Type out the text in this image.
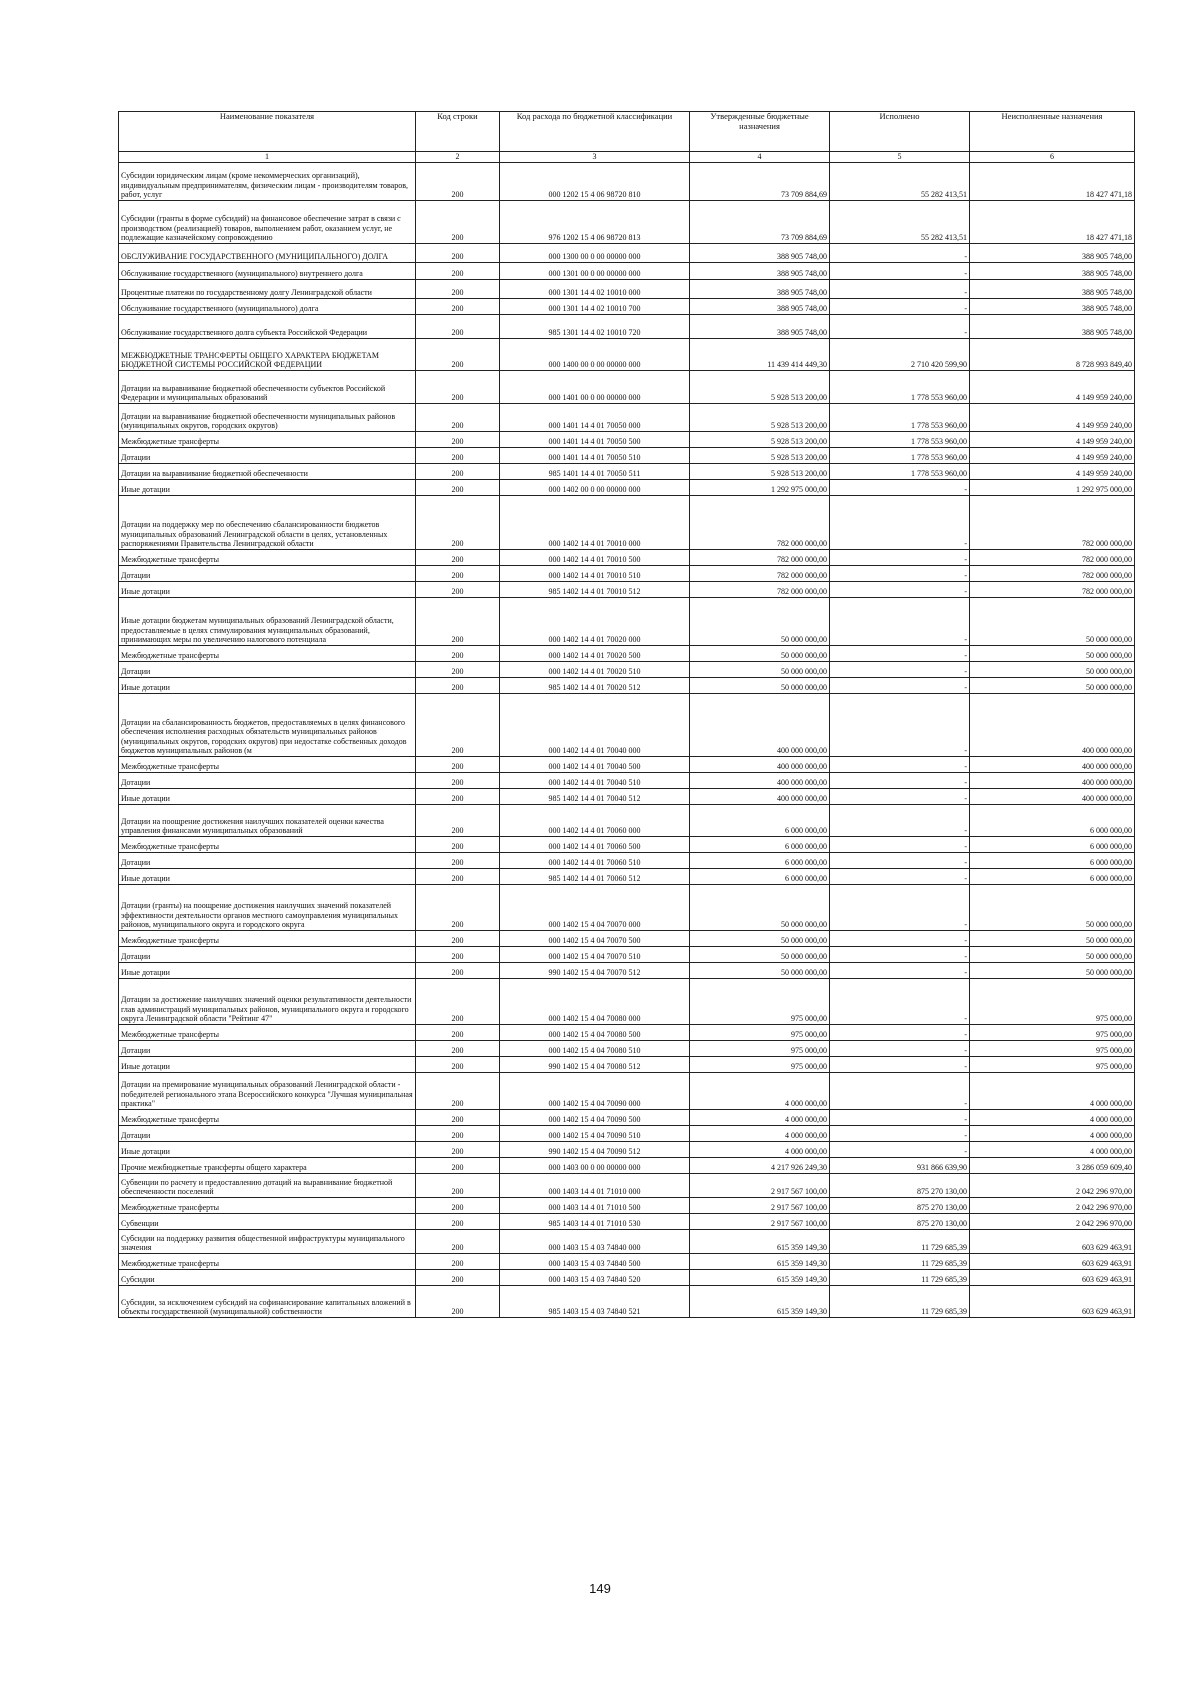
Наименование показателя	Код строки	Код расхода по бюджетной классификации	Утвержденные бюджетные назначения	Исполнено	Неисполненные назначения
1	2	3	4	5	6
Субсидии юридическим лицам (кроме некоммерческих организаций), индивидуальным предпринимателям, физическим лицам - производителям товаров, работ, услуг	200	000 1202 15 4 06 98720 810	73 709 884,69	55 282 413,51	18 427 471,18
Субсидии (гранты в форме субсидий) на финансовое обеспечение затрат в связи с производством (реализацией) товаров, выполнением работ, оказанием услуг, не подлежащие казначейскому сопровождению	200	976 1202 15 4 06 98720 813	73 709 884,69	55 282 413,51	18 427 471,18
ОБСЛУЖИВАНИЕ ГОСУДАРСТВЕННОГО (МУНИЦИПАЛЬНОГО) ДОЛГА	200	000 1300 00 0 00 00000 000	388 905 748,00	-	388 905 748,00
Обслуживание государственного (муниципального) внутреннего долга	200	000 1301 00 0 00 00000 000	388 905 748,00	-	388 905 748,00
Процентные платежи по государственному долгу Ленинградской области	200	000 1301 14 4 02 10010 000	388 905 748,00	-	388 905 748,00
Обслуживание государственного (муниципального) долга	200	000 1301 14 4 02 10010 700	388 905 748,00	-	388 905 748,00
Обслуживание государственного долга субъекта Российской Федерации	200	985 1301 14 4 02 10010 720	388 905 748,00	-	388 905 748,00
МЕЖБЮДЖЕТНЫЕ ТРАНСФЕРТЫ ОБЩЕГО ХАРАКТЕРА БЮДЖЕТАМ БЮДЖЕТНОЙ СИСТЕМЫ РОССИЙСКОЙ ФЕДЕРАЦИИ	200	000 1400 00 0 00 00000 000	11 439 414 449,30	2 710 420 599,90	8 728 993 849,40
Дотации на выравнивание бюджетной обеспеченности субъектов Российской Федерации и муниципальных образований	200	000 1401 00 0 00 00000 000	5 928 513 200,00	1 778 553 960,00	4 149 959 240,00
Дотации на выравнивание бюджетной обеспеченности муниципальных районов (муниципальных округов, городских округов)	200	000 1401 14 4 01 70050 000	5 928 513 200,00	1 778 553 960,00	4 149 959 240,00
Межбюджетные трансферты	200	000 1401 14 4 01 70050 500	5 928 513 200,00	1 778 553 960,00	4 149 959 240,00
Дотации	200	000 1401 14 4 01 70050 510	5 928 513 200,00	1 778 553 960,00	4 149 959 240,00
Дотации на выравнивание бюджетной обеспеченности	200	985 1401 14 4 01 70050 511	5 928 513 200,00	1 778 553 960,00	4 149 959 240,00
Иные дотации	200	000 1402 00 0 00 00000 000	1 292 975 000,00	-	1 292 975 000,00
Дотации на поддержку мер по обеспечению сбалансированности бюджетов муниципальных образований Ленинградской области в целях, установленных распоряжениями Правительства Ленинградской области	200	000 1402 14 4 01 70010 000	782 000 000,00	-	782 000 000,00
Межбюджетные трансферты	200	000 1402 14 4 01 70010 500	782 000 000,00	-	782 000 000,00
Дотации	200	000 1402 14 4 01 70010 510	782 000 000,00	-	782 000 000,00
Иные дотации	200	985 1402 14 4 01 70010 512	782 000 000,00	-	782 000 000,00
Иные дотации бюджетам муниципальных образований Ленинградской области, предоставляемые в целях стимулирования муниципальных образований, принимающих меры по увеличению налогового потенциала	200	000 1402 14 4 01 70020 000	50 000 000,00	-	50 000 000,00
Межбюджетные трансферты	200	000 1402 14 4 01 70020 500	50 000 000,00	-	50 000 000,00
Дотации	200	000 1402 14 4 01 70020 510	50 000 000,00	-	50 000 000,00
Иные дотации	200	985 1402 14 4 01 70020 512	50 000 000,00	-	50 000 000,00
Дотации на сбалансированность бюджетов, предоставляемых в целях финансового обеспечения исполнения расходных обязательств муниципальных районов (муниципальных округов, городских округов) при недостатке собственных доходов бюджетов муниципальных районов (м	200	000 1402 14 4 01 70040 000	400 000 000,00	-	400 000 000,00
Межбюджетные трансферты	200	000 1402 14 4 01 70040 500	400 000 000,00	-	400 000 000,00
Дотации	200	000 1402 14 4 01 70040 510	400 000 000,00	-	400 000 000,00
Иные дотации	200	985 1402 14 4 01 70040 512	400 000 000,00	-	400 000 000,00
Дотации на поощрение достижения наилучших показателей оценки качества управления финансами муниципальных образований	200	000 1402 14 4 01 70060 000	6 000 000,00	-	6 000 000,00
Межбюджетные трансферты	200	000 1402 14 4 01 70060 500	6 000 000,00	-	6 000 000,00
Дотации	200	000 1402 14 4 01 70060 510	6 000 000,00	-	6 000 000,00
Иные дотации	200	985 1402 14 4 01 70060 512	6 000 000,00	-	6 000 000,00
Дотации (гранты) на поощрение достижения наилучших значений показателей эффективности деятельности органов местного самоуправления муниципальных районов, муниципального округа и городского округа	200	000 1402 15 4 04 70070 000	50 000 000,00	-	50 000 000,00
Межбюджетные трансферты	200	000 1402 15 4 04 70070 500	50 000 000,00	-	50 000 000,00
Дотации	200	000 1402 15 4 04 70070 510	50 000 000,00	-	50 000 000,00
Иные дотации	200	990 1402 15 4 04 70070 512	50 000 000,00	-	50 000 000,00
Дотации за достижение наилучших значений оценки результативности деятельности глав администраций муниципальных районов, муниципального округа и городского округа Ленинградской области "Рейтинг 47"	200	000 1402 15 4 04 70080 000	975 000,00	-	975 000,00
Межбюджетные трансферты	200	000 1402 15 4 04 70080 500	975 000,00	-	975 000,00
Дотации	200	000 1402 15 4 04 70080 510	975 000,00	-	975 000,00
Иные дотации	200	990 1402 15 4 04 70080 512	975 000,00	-	975 000,00
Дотации на премирование муниципальных образований Ленинградской области - победителей регионального этапа Всероссийского конкурса "Лучшая муниципальная практика"	200	000 1402 15 4 04 70090 000	4 000 000,00	-	4 000 000,00
Межбюджетные трансферты	200	000 1402 15 4 04 70090 500	4 000 000,00	-	4 000 000,00
Дотации	200	000 1402 15 4 04 70090 510	4 000 000,00	-	4 000 000,00
Иные дотации	200	990 1402 15 4 04 70090 512	4 000 000,00	-	4 000 000,00
Прочие межбюджетные трансферты общего характера	200	000 1403 00 0 00 00000 000	4 217 926 249,30	931 866 639,90	3 286 059 609,40
Субвенции по расчету и предоставлению дотаций на выравнивание бюджетной обеспеченности поселений	200	000 1403 14 4 01 71010 000	2 917 567 100,00	875 270 130,00	2 042 296 970,00
Межбюджетные трансферты	200	000 1403 14 4 01 71010 500	2 917 567 100,00	875 270 130,00	2 042 296 970,00
Субвенции	200	985 1403 14 4 01 71010 530	2 917 567 100,00	875 270 130,00	2 042 296 970,00
Субсидии на поддержку развития общественной инфраструктуры муниципального значения	200	000 1403 15 4 03 74840 000	615 359 149,30	11 729 685,39	603 629 463,91
Межбюджетные трансферты	200	000 1403 15 4 03 74840 500	615 359 149,30	11 729 685,39	603 629 463,91
Субсидии	200	000 1403 15 4 03 74840 520	615 359 149,30	11 729 685,39	603 629 463,91
Субсидии, за исключением субсидий на софинансирование капитальных вложений в объекты государственной (муниципальной) собственности	200	985 1403 15 4 03 74840 521	615 359 149,30	11 729 685,39	603 629 463,91
149
